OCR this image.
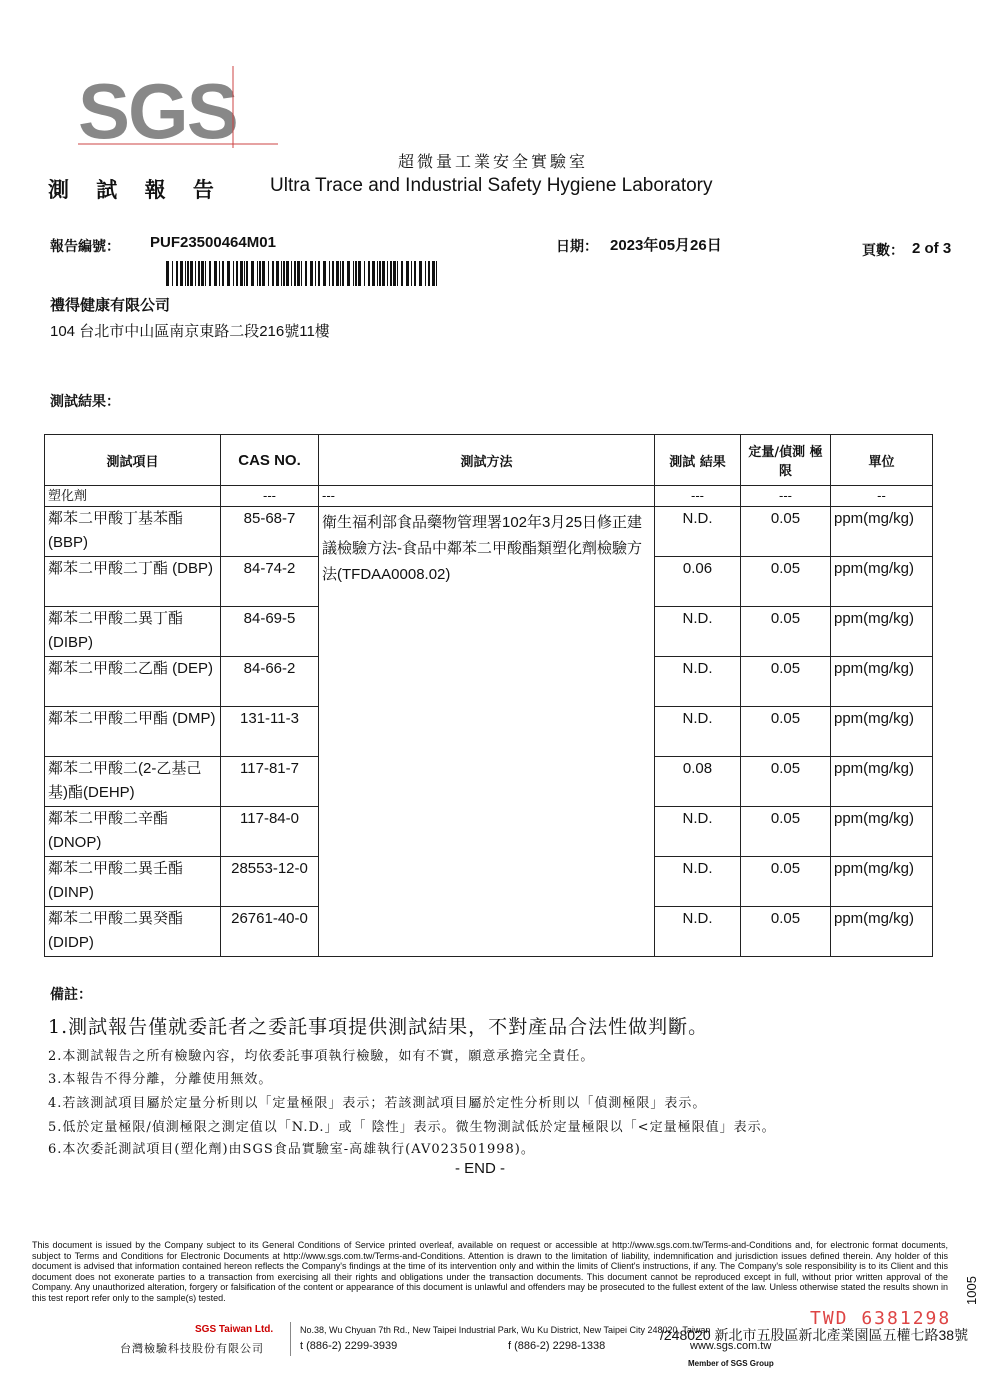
SGS
測 試 報 告
超微量工業安全實驗室
Ultra Trace and Industrial Safety Hygiene Laboratory
報告編號： PUF23500464M01	日期： 2023年05月26日	頁數： 2 of 3
禮得健康有限公司
104 台北市中山區南京東路二段216號11樓
測試結果：
測試項目	CAS NO.	測試方法	測試 結果	定量/偵測 極限	單位
塑化劑	---	---	---	---	--
鄰苯二甲酸丁基苯酯 (BBP)	85-68-7	衛生福利部食品藥物管理署102年3月25日修正建議檢驗方法-食品中鄰苯二甲酸酯類塑化劑檢驗方法(TFDAA0008.02)	N.D.	0.05	ppm(mg/kg)
鄰苯二甲酸二丁酯 (DBP)	84-74-2		0.06	0.05	ppm(mg/kg)
鄰苯二甲酸二異丁酯 (DIBP)	84-69-5		N.D.	0.05	ppm(mg/kg)
鄰苯二甲酸二乙酯 (DEP)	84-66-2		N.D.	0.05	ppm(mg/kg)
鄰苯二甲酸二甲酯 (DMP)	131-11-3		N.D.	0.05	ppm(mg/kg)
鄰苯二甲酸二(2-乙基己基)酯(DEHP)	117-81-7		0.08	0.05	ppm(mg/kg)
鄰苯二甲酸二辛酯 (DNOP)	117-84-0		N.D.	0.05	ppm(mg/kg)
鄰苯二甲酸二異壬酯 (DINP)	28553-12-0		N.D.	0.05	ppm(mg/kg)
鄰苯二甲酸二異癸酯 (DIDP)	26761-40-0		N.D.	0.05	ppm(mg/kg)
備註：
1.測試報告僅就委託者之委託事項提供測試結果，不對產品合法性做判斷。
2.本測試報告之所有檢驗內容，均依委託事項執行檢驗，如有不實，願意承擔完全責任。
3.本報告不得分離，分離使用無效。
4.若該測試項目屬於定量分析則以「定量極限」表示；若該測試項目屬於定性分析則以「偵測極限」表示。
5.低於定量極限/偵測極限之測定值以「N.D.」或「 陰性」表示。微生物測試低於定量極限以「<定量極限值」表示。
6.本次委託測試項目(塑化劑)由SGS食品實驗室-高雄執行(AV023501998)。
- END -
This document is issued by the Company subject to its General Conditions of Service printed overleaf, available on request or accessible at http://www.sgs.com.tw/Terms-and-Conditions and, for electronic format documents, subject to Terms and Conditions for Electronic Documents at http://www.sgs.com.tw/Terms-and-Conditions. Attention is drawn to the limitation of liability, indemnification and jurisdiction issues defined therein. Any holder of this document is advised that information contained hereon reflects the Company's findings at the time of its intervention only and within the limits of Client's instructions, if any. The Company's sole responsibility is to its Client and this document does not exonerate parties to a transaction from exercising all their rights and obligations under the transaction documents. This document cannot be reproduced except in full, without prior written approval of the Company. Any unauthorized alteration, forgery or falsification of the content or appearance of this document is unlawful and offenders may be prosecuted to the fullest extent of the law. Unless otherwise stated the results shown in this test report refer only to the sample(s) tested.
TWD 6381298
SGS Taiwan Ltd.
台灣檢驗科技股份有限公司
No.38, Wu Chyuan 7th Rd., New Taipei Industrial Park, Wu Ku District, New Taipei City 248020, Taiwan
/248020 新北市五股區新北產業園區五權七路38號
t (886-2) 2299-3939	f (886-2) 2298-1338	www.sgs.com.tw
Member of SGS Group
1005
